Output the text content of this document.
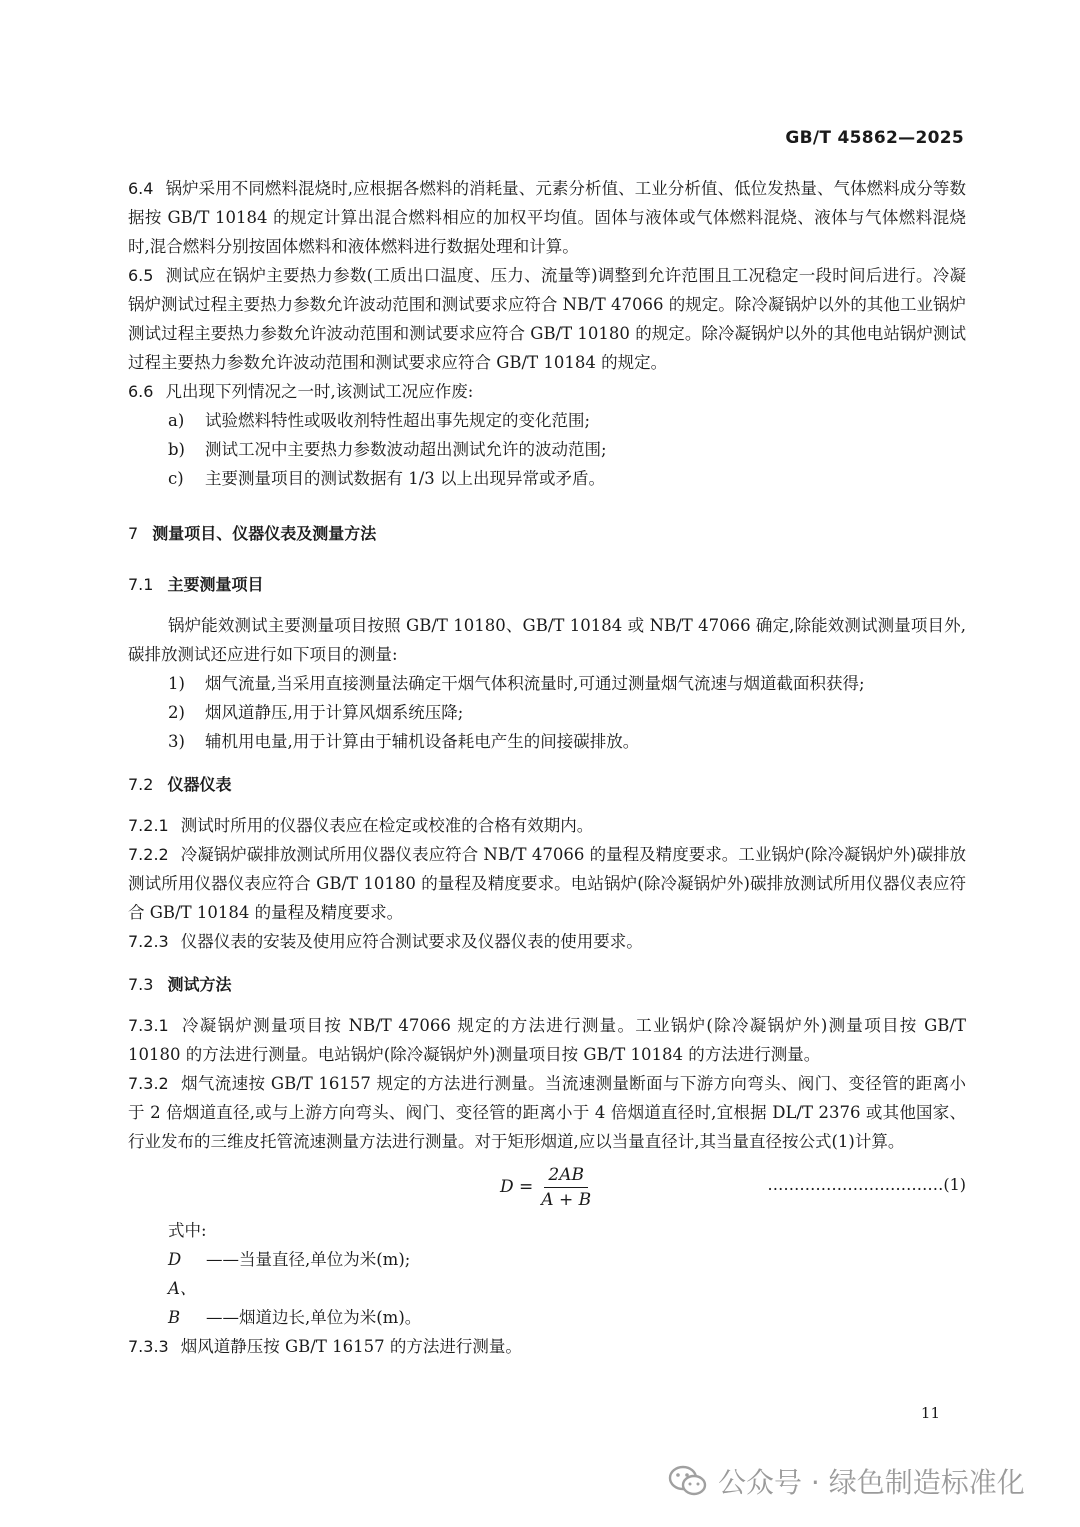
GB/T 45862—2025

6.4 锅炉采用不同燃料混烧时,应根据各燃料的消耗量、元素分析值、工业分析值、低位发热量、气体燃料成分等数据按 GB/T 10184 的规定计算出混合燃料相应的加权平均值。固体与液体或气体燃料混烧、液体与气体燃料混烧时,混合燃料分别按固体燃料和液体燃料进行数据处理和计算。

6.5 测试应在锅炉主要热力参数(工质出口温度、压力、流量等)调整到允许范围且工况稳定一段时间后进行。冷凝锅炉测试过程主要热力参数允许波动范围和测试要求应符合 NB/T 47066 的规定。除冷凝锅炉以外的其他工业锅炉测试过程主要热力参数允许波动范围和测试要求应符合 GB/T 10180 的规定。除冷凝锅炉以外的其他电站锅炉测试过程主要热力参数允许波动范围和测试要求应符合 GB/T 10184 的规定。

6.6 凡出现下列情况之一时,该测试工况应作废:

a) 试验燃料特性或吸收剂特性超出事先规定的变化范围;

b) 测试工况中主要热力参数波动超出测试允许的波动范围;

c) 主要测量项目的测试数据有 1/3 以上出现异常或矛盾。

7 测量项目、仪器仪表及测量方法

7.1 主要测量项目

锅炉能效测试主要测量项目按照 GB/T 10180、GB/T 10184 或 NB/T 47066 确定,除能效测试测量项目外,碳排放测试还应进行如下项目的测量:

1) 烟气流量,当采用直接测量法确定干烟气体积流量时,可通过测量烟气流速与烟道截面积获得;

2) 烟风道静压,用于计算风烟系统压降;

3) 辅机用电量,用于计算由于辅机设备耗电产生的间接碳排放。

7.2 仪器仪表

7.2.1 测试时所用的仪器仪表应在检定或校准的合格有效期内。

7.2.2 冷凝锅炉碳排放测试所用仪器仪表应符合 NB/T 47066 的量程及精度要求。工业锅炉(除冷凝锅炉外)碳排放测试所用仪器仪表应符合 GB/T 10180 的量程及精度要求。电站锅炉(除冷凝锅炉外)碳排放测试所用仪器仪表应符合 GB/T 10184 的量程及精度要求。

7.2.3 仪器仪表的安装及使用应符合测试要求及仪器仪表的使用要求。

7.3 测试方法

7.3.1 冷凝锅炉测量项目按 NB/T 47066 规定的方法进行测量。工业锅炉(除冷凝锅炉外)测量项目按 GB/T 10180 的方法进行测量。电站锅炉(除冷凝锅炉外)测量项目按 GB/T 10184 的方法进行测量。

7.3.2 烟气流速按 GB/T 16157 规定的方法进行测量。当流速测量断面与下游方向弯头、阀门、变径管的距离小于 2 倍烟道直径,或与上游方向弯头、阀门、变径管的距离小于 4 倍烟道直径时,宜根据 DL/T 2376 或其他国家、行业发布的三维皮托管流速测量方法进行测量。对于矩形烟道,应以当量直径计,其当量直径按公式(1)计算。

$D = \frac{2AB}{A + B}$	……………………………(1)

式中:

D ——当量直径,单位为米(m);

A、B ——烟道边长,单位为米(m)。

7.3.3 烟风道静压按 GB/T 16157 的方法进行测量。

11
公众号 · 绿色制造标准化
